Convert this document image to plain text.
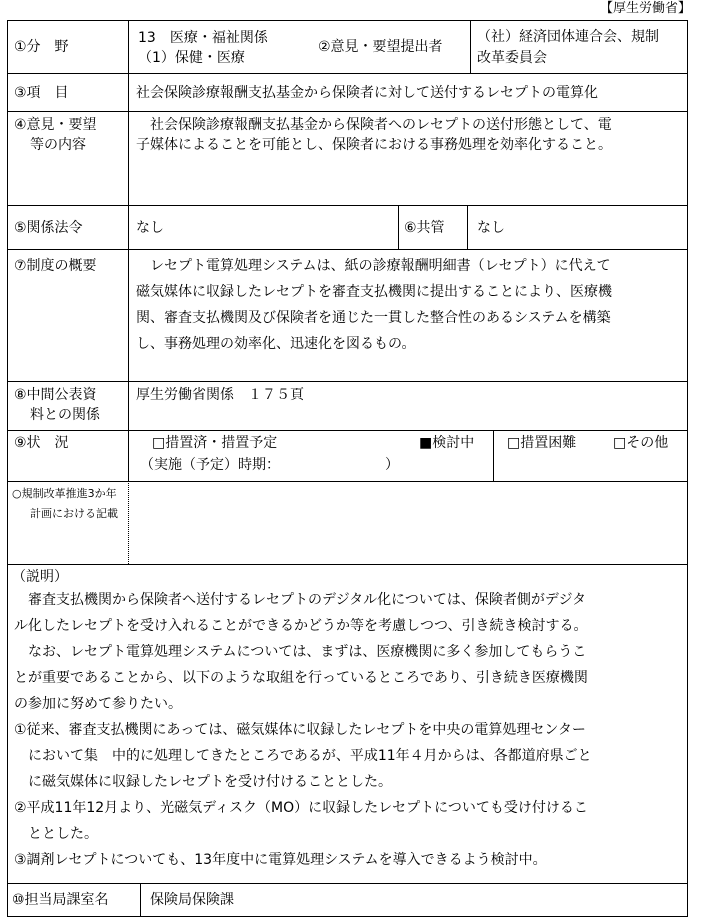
【厚生労働省】
①分　野
13　医療・福祉関係
（1）保健・医療
②意見・要望提出者
（社）経済団体連合会、規制
改革委員会
③項　目	社会保険診療報酬支払基金から保険者に対して送付するレセプトの電算化
④意見・要望
等の内容
　社会保険診療報酬支払基金から保険者へのレセプトの送付形態として、電
子媒体によることを可能とし、保険者における事務処理を効率化すること。
⑤関係法令	なし	⑥共管 なし
⑦制度の概要	　レセプト電算処理システムは、紙の診療報酬明細書（レセプト）に代えて
磁気媒体に収録したレセプトを審査支払機関に提出することにより、医療機
関、審査支払機関及び保険者を通じた一貫した整合性のあるシステムを構築
し、事務処理の効率化、迅速化を図るもの。
⑧中間公表資
料との関係
厚生労働省関係　１７５頁
⑨状　況	□措置済・措置予定	■検討中 □措置困難	□その他
（実施（予定）時期：　　　　　　　　）
○規制改革推進3か年
計画における記載
（説明）
　審査支払機関から保険者へ送付するレセプトのデジタル化については、保険者側がデジタ
ル化したレセプトを受け入れることができるかどうか等を考慮しつつ、引き続き検討する。
　なお、レセプト電算処理システムについては、まずは、医療機関に多く参加してもらうこ
とが重要であることから、以下のような取組を行っているところであり、引き続き医療機関
の参加に努めて参りたい。
①従来、審査支払機関にあっては、磁気媒体に収録したレセプトを中央の電算処理センター
　において集　中的に処理してきたところであるが、平成11年４月からは、各都道府県ごと
　に磁気媒体に収録したレセプトを受け付けることとした。
②平成11年12月より、光磁気ディスク（MO）に収録したレセプトについても受け付けるこ
　ととした。
③調剤レセプトについても、13年度中に電算処理システムを導入できるよう検討中。
⑩担当局課室名	保険局保険課
